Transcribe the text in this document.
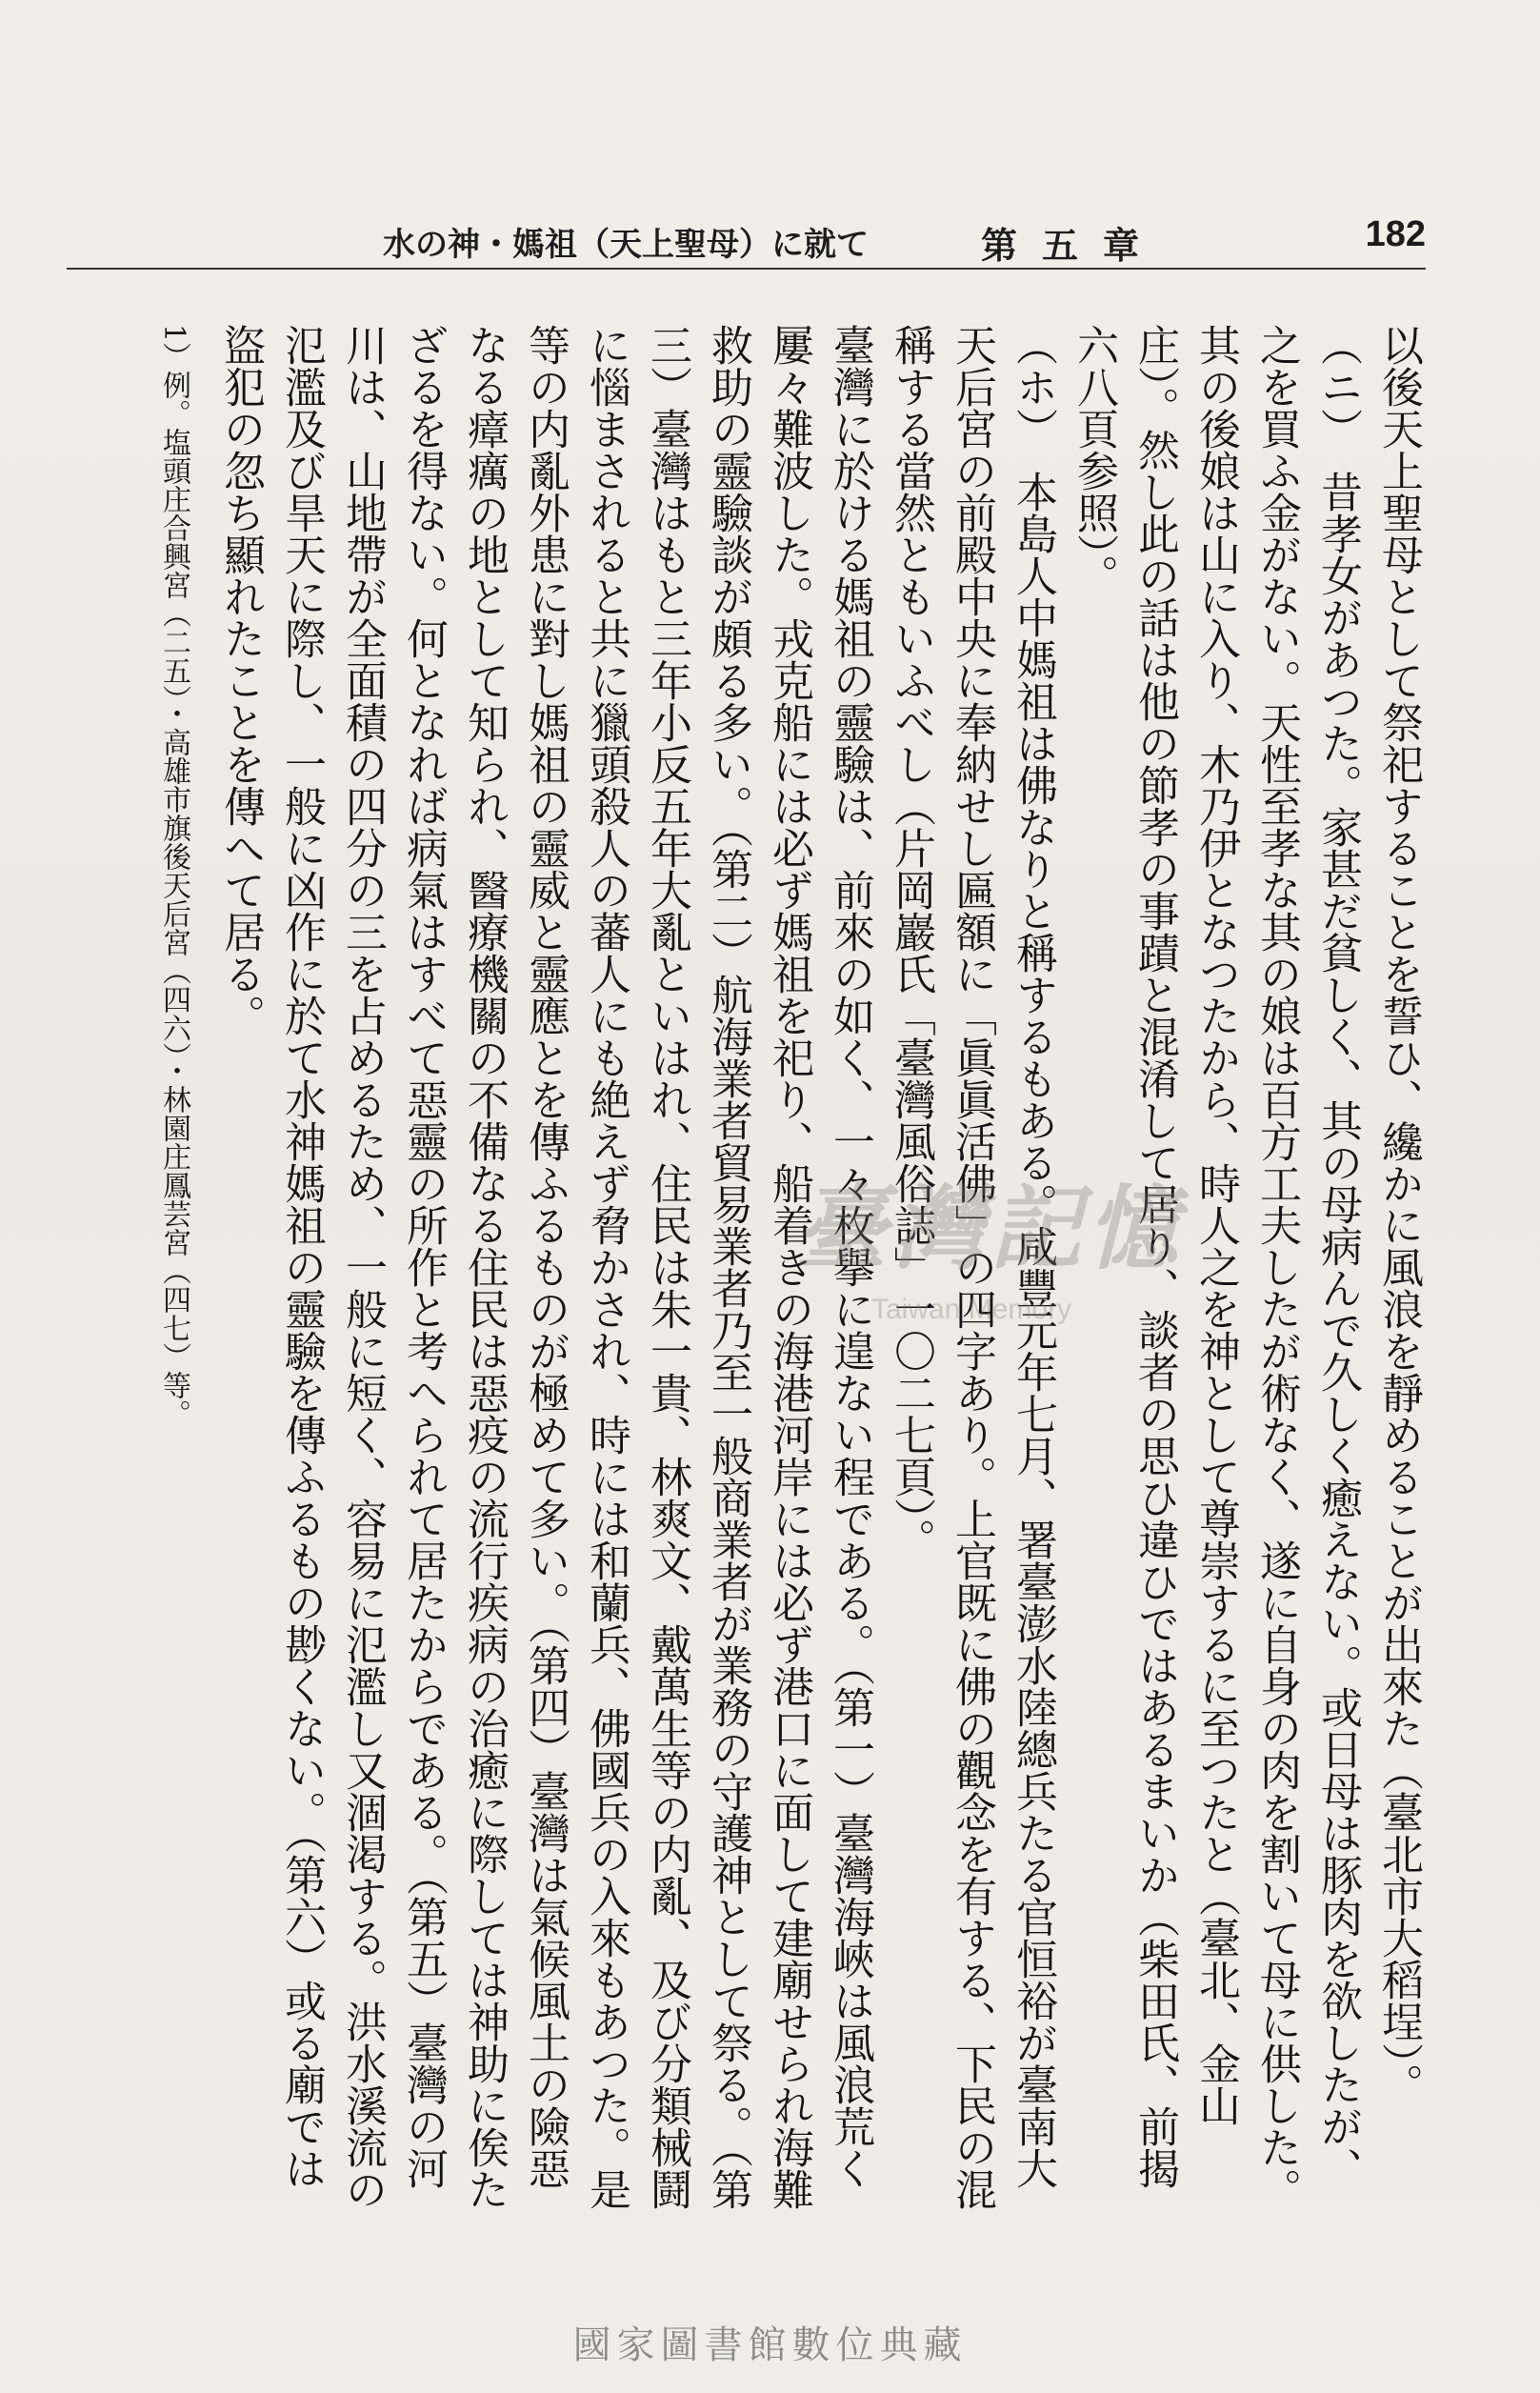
182
第五章
水の神・媽祖（天上聖母）に就て

以後天上聖母として祭祀することを誓ひ、纔かに風浪を靜めることが出來た（臺北市大稻埕）。

（ニ）　昔孝女があつた。家甚だ貧しく、其の母病んで久しく癒えない。或日母は豚肉を欲したが、之を買ふ金がない。天性至孝な其の娘は百方工夫したが術なく、遂に自身の肉を割いて母に供した。其の後娘は山に入り、木乃伊となつたから、時人之を神として尊崇するに至つたと（臺北、金山庄）。然し此の話は他の節孝の事蹟と混淆して居り、談者の思ひ違ひではあるまいか（柴田氏、前揭六八頁参照）。

（ホ）　本島人中媽祖は佛なりと稱するもある。咸豐元年七月、署臺澎水陸總兵たる官恒裕が臺南大天后宮の前殿中央に奉納せし匾額に「眞眞活佛」の四字あり。上官既に佛の觀念を有する、下民の混稱する當然ともいふべし（片岡巖氏「臺灣風俗誌」一〇二七頁）。

臺灣に於ける媽祖の靈驗は、前來の如く、一々枚擧に遑ない程である。（第一）臺灣海峽は風浪荒く屢々難波した。戎克船には必ず媽祖を祀り、船着きの海港河岸には必ず港口に面して建廟せられ海難救助の靈驗談が頗る多い。（第二）航海業者貿易業者乃至一般商業者が業務の守護神として祭る。（第三）臺灣はもと三年小反五年大亂といはれ、住民は朱一貴、林爽文、戴萬生等の内亂、及び分類械鬪に惱まされると共に獵頭殺人の蕃人にも絶えず脅かされ、時には和蘭兵、佛國兵の入來もあつた。是等の内亂外患に對し媽祖の靈威と靈應とを傳ふるものが極めて多い。（第四）臺灣は氣候風土の險惡なる瘴癘の地として知られ、醫療機關の不備なる住民は惡疫の流行疾病の治癒に際しては神助に俟たざるを得ない。何となれば病氣はすべて惡靈の所作と考へられて居たからである。（第五）臺灣の河川は、山地帶が全面積の四分の三を占めるため、一般に短く、容易に氾濫し又涸渇する。洪水溪流の氾濫及び旱天に際し、一般に凶作に於て水神媽祖の靈驗を傳ふるもの尠くない。（第六）或る廟では盜犯の忽ち顯れたことを傳へて居る。

1）例。塩頭庄合興宮（二五）・高雄市旗後天后宮（四六）・林園庄鳳芸宮（四七）等。	臺灣記憶
Taiwan Memory
國家圖書館數位典藏
